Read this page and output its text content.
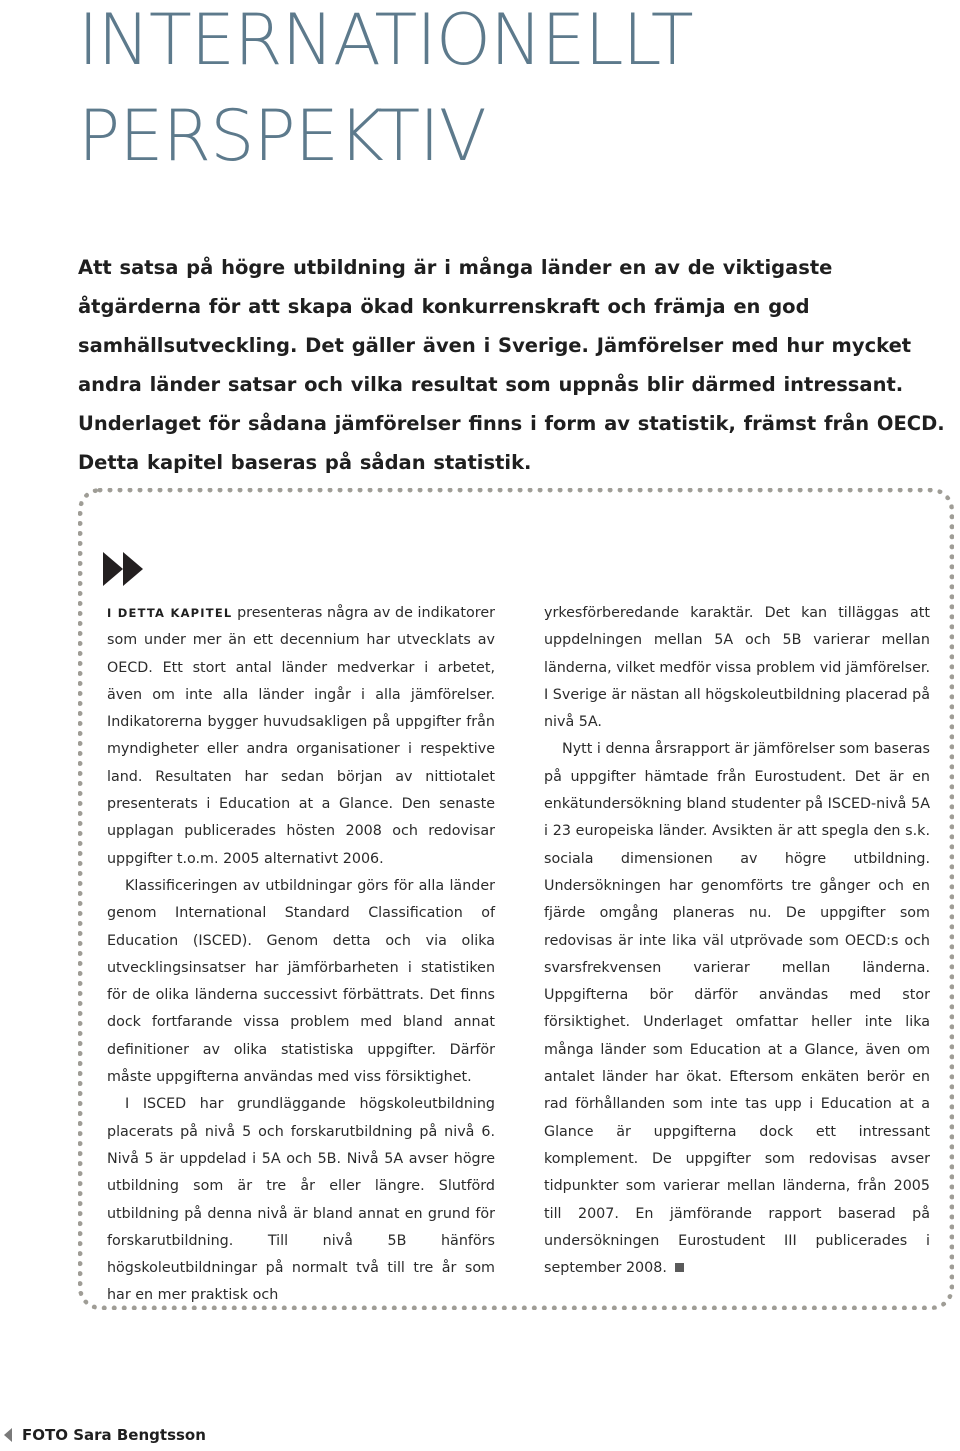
INTERNATIONELLT
PERSPEKTIV

Att satsa på högre utbildning är i många länder en av de viktigaste åtgärderna för att skapa ökad konkurrenskraft och främja en god samhällsutveckling. Det gäller även i Sverige. Jämförelser med hur mycket andra länder satsar och vilka resultat som uppnås blir därmed intressant. Underlaget för sådana jämförelser finns i form av statistik, främst från OECD. Detta kapitel baseras på sådan statistik.

I DETTA KAPITEL presenteras några av de indikatorer som under mer än ett decennium har utvecklats av OECD. Ett stort antal länder medverkar i arbetet, även om inte alla länder ingår i alla jämförelser. Indikatorerna bygger huvudsakligen på uppgifter från myndigheter eller andra organisationer i respektive land. Resultaten har sedan början av nittiotalet presenterats i Education at a Glance. Den senaste upplagan publicerades hösten 2008 och redovisar uppgifter t.o.m. 2005 alternativt 2006.

Klassificeringen av utbildningar görs för alla länder genom International Standard Classification of Education (ISCED). Genom detta och via olika utvecklingsinsatser har jämförbarheten i statistiken för de olika länderna successivt förbättrats. Det finns dock fortfarande vissa problem med bland annat definitioner av olika statistiska uppgifter. Därför måste uppgifterna användas med viss försiktighet.

I ISCED har grundläggande högskoleutbildning placerats på nivå 5 och forskarutbildning på nivå 6. Nivå 5 är uppdelad i 5A och 5B. Nivå 5A avser högre utbildning som är tre år eller längre. Slutförd utbildning på denna nivå är bland annat en grund för forskarutbildning. Till nivå 5B hänförs högskoleutbildningar på normalt två till tre år som har en mer praktisk och

yrkesförberedande karaktär. Det kan tilläggas att uppdelningen mellan 5A och 5B varierar mellan länderna, vilket medför vissa problem vid jämförelser. I Sverige är nästan all högskoleutbildning placerad på nivå 5A.

Nytt i denna årsrapport är jämförelser som baseras på uppgifter hämtade från Eurostudent. Det är en enkätundersökning bland studenter på ISCED-nivå 5A i 23 europeiska länder. Avsikten är att spegla den s.k. sociala dimensionen av högre utbildning. Undersökningen har genomförts tre gånger och en fjärde omgång planeras nu. De uppgifter som redovisas är inte lika väl utprövade som OECD:s och svarsfrekvensen varierar mellan länderna. Uppgifterna bör därför användas med stor försiktighet. Underlaget omfattar heller inte lika många länder som Education at a Glance, även om antalet länder har ökat. Eftersom enkäten berör en rad förhållanden som inte tas upp i Education at a Glance är uppgifterna dock ett intressant komplement. De uppgifter som redovisas avser tidpunkter som varierar mellan länderna, från 2005 till 2007. En jämförande rapport baserad på undersökningen Eurostudent III publicerades i september 2008.

FOTO Sara Bengtsson
